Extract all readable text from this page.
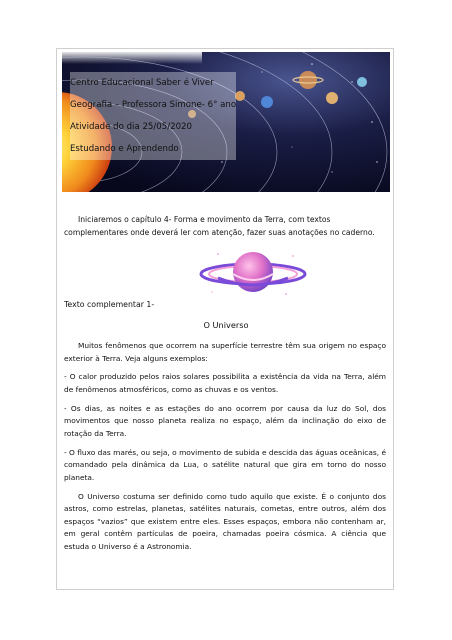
Centro Educacional Saber é Viver
Geografia – Professora Simone- 6° ano
Atividade do dia 25/05/2020
Estudando e Aprendendo
Iniciaremos o capítulo 4- Forma e movimento da Terra, com textos complementares onde deverá ler com atenção, fazer suas anotações no caderno.
Texto complementar 1-
O Universo

Muitos fenômenos que ocorrem na superfície terrestre têm sua origem no espaço exterior à Terra. Veja alguns exemplos:

- O calor produzido pelos raios solares possibilita a existência da vida na Terra, além de fenômenos atmosféricos, como as chuvas e os ventos.

- Os dias, as noites e as estações do ano ocorrem por causa da luz do Sol, dos movimentos que nosso planeta realiza no espaço, além da inclinação do eixo de rotação da Terra.

- O fluxo das marés, ou seja, o movimento de subida e descida das águas oceânicas, é comandado pela dinâmica da Lua, o satélite natural que gira em torno do nosso planeta.

O Universo costuma ser definido como tudo aquilo que existe. É o conjunto dos astros, como estrelas, planetas, satélites naturais, cometas, entre outros, além dos espaços “vazios” que existem entre eles. Esses espaços, embora não contenham ar, em geral contêm partículas de poeira, chamadas poeira cósmica. A ciência que estuda o Universo é a Astronomia.
